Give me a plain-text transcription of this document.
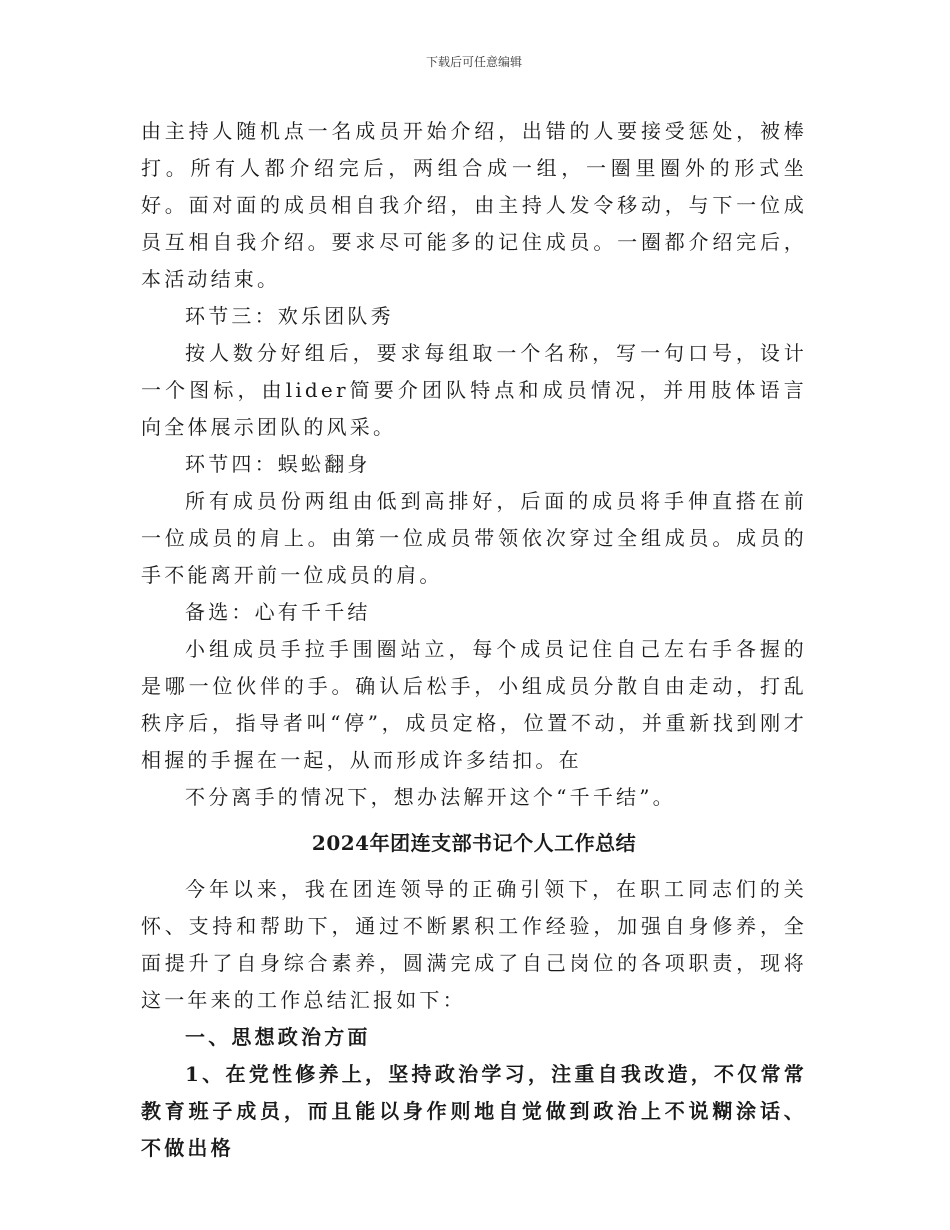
下载后可任意编辑

由主持人随机点一名成员开始介绍，出错的人要接受惩处，被棒打。所有人都介绍完后，两组合成一组，一圈里圈外的形式坐好。面对面的成员相自我介绍，由主持人发令移动，与下一位成员互相自我介绍。要求尽可能多的记住成员。一圈都介绍完后，本活动结束。

环节三：欢乐团队秀

按人数分好组后，要求每组取一个名称，写一句口号，设计一个图标，由lider简要介团队特点和成员情况，并用肢体语言向全体展示团队的风采。

环节四：蜈蚣翻身

所有成员份两组由低到高排好，后面的成员将手伸直搭在前一位成员的肩上。由第一位成员带领依次穿过全组成员。成员的手不能离开前一位成员的肩。

备选：心有千千结

小组成员手拉手围圈站立，每个成员记住自己左右手各握的是哪一位伙伴的手。确认后松手，小组成员分散自由走动，打乱秩序后，指导者叫“停”，成员定格，位置不动，并重新找到刚才相握的手握在一起，从而形成许多结扣。在

不分离手的情况下，想办法解开这个“千千结”。

2024年团连支部书记个人工作总结

今年以来，我在团连领导的正确引领下，在职工同志们的关怀、支持和帮助下，通过不断累积工作经验，加强自身修养，全面提升了自身综合素养，圆满完成了自己岗位的各项职责，现将这一年来的工作总结汇报如下：

一、思想政治方面

1、在党性修养上，坚持政治学习，注重自我改造，不仅常常教育班子成员，而且能以身作则地自觉做到政治上不说糊涂话、不做出格
